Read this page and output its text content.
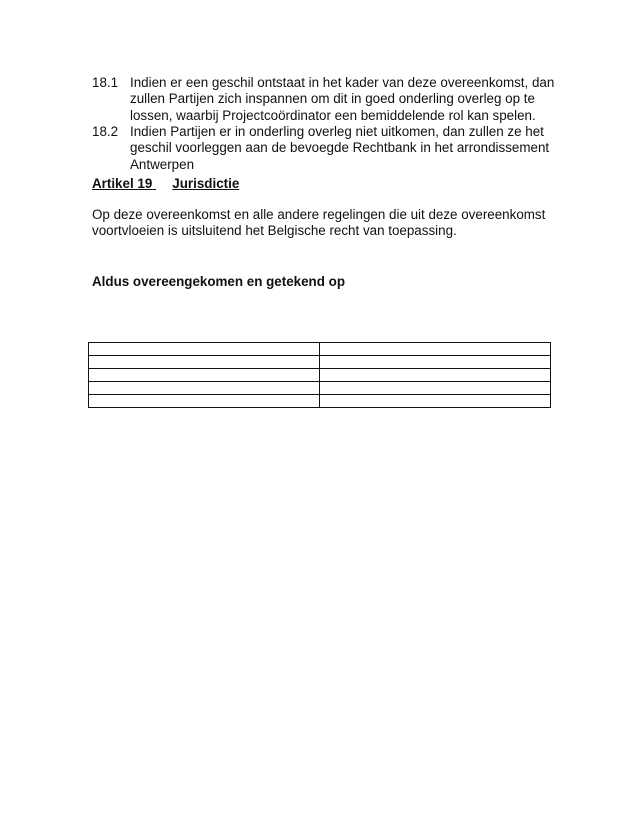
18.1 Indien er een geschil ontstaat in het kader van deze overeenkomst, dan
zullen Partijen zich inspannen om dit in goed onderling overleg op te
lossen, waarbij Projectcoördinator een bemiddelende rol kan spelen.
18.2 Indien Partijen er in onderling overleg niet uitkomen, dan zullen ze het
geschil voorleggen aan de bevoegde Rechtbank in het arrondissement
Antwerpen
Artikel 19 Jurisdictie
Op deze overeenkomst en alle andere regelingen die uit deze overeenkomst
voortvloeien is uitsluitend het Belgische recht van toepassing.
Aldus overeengekomen en getekend op
